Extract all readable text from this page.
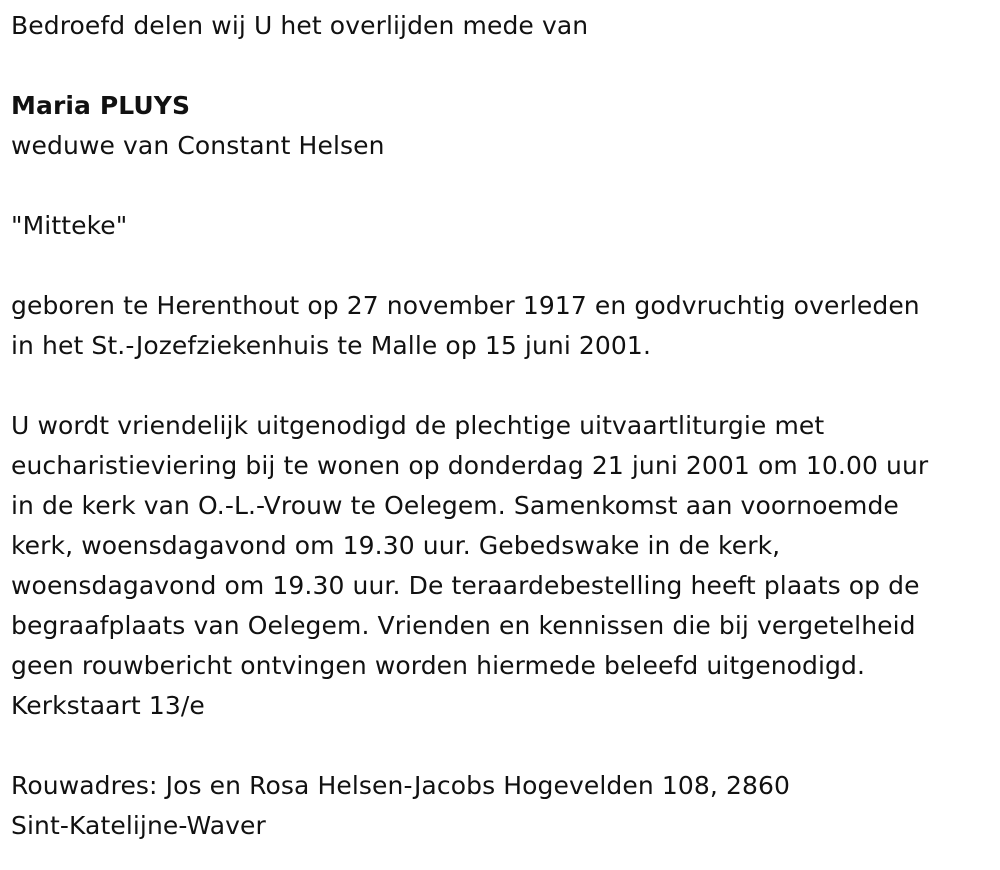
Bedroefd delen wij U het overlijden mede van
Maria PLUYS
weduwe van Constant Helsen
"Mitteke"
geboren te Herenthout op 27 november 1917 en godvruchtig overleden
in het St.-Jozefziekenhuis te Malle op 15 juni 2001.
U wordt vriendelijk uitgenodigd de plechtige uitvaartliturgie met
eucharistieviering bij te wonen op donderdag 21 juni 2001 om 10.00 uur
in de kerk van O.-L.-Vrouw te Oelegem. Samenkomst aan voornoemde
kerk, woensdagavond om 19.30 uur. Gebedswake in de kerk,
woensdagavond om 19.30 uur. De teraardebestelling heeft plaats op de
begraafplaats van Oelegem. Vrienden en kennissen die bij vergetelheid
geen rouwbericht ontvingen worden hiermede beleefd uitgenodigd.
Kerkstaart 13/e
Rouwadres: Jos en Rosa Helsen-Jacobs Hogevelden 108, 2860
Sint-Katelijne-Waver
